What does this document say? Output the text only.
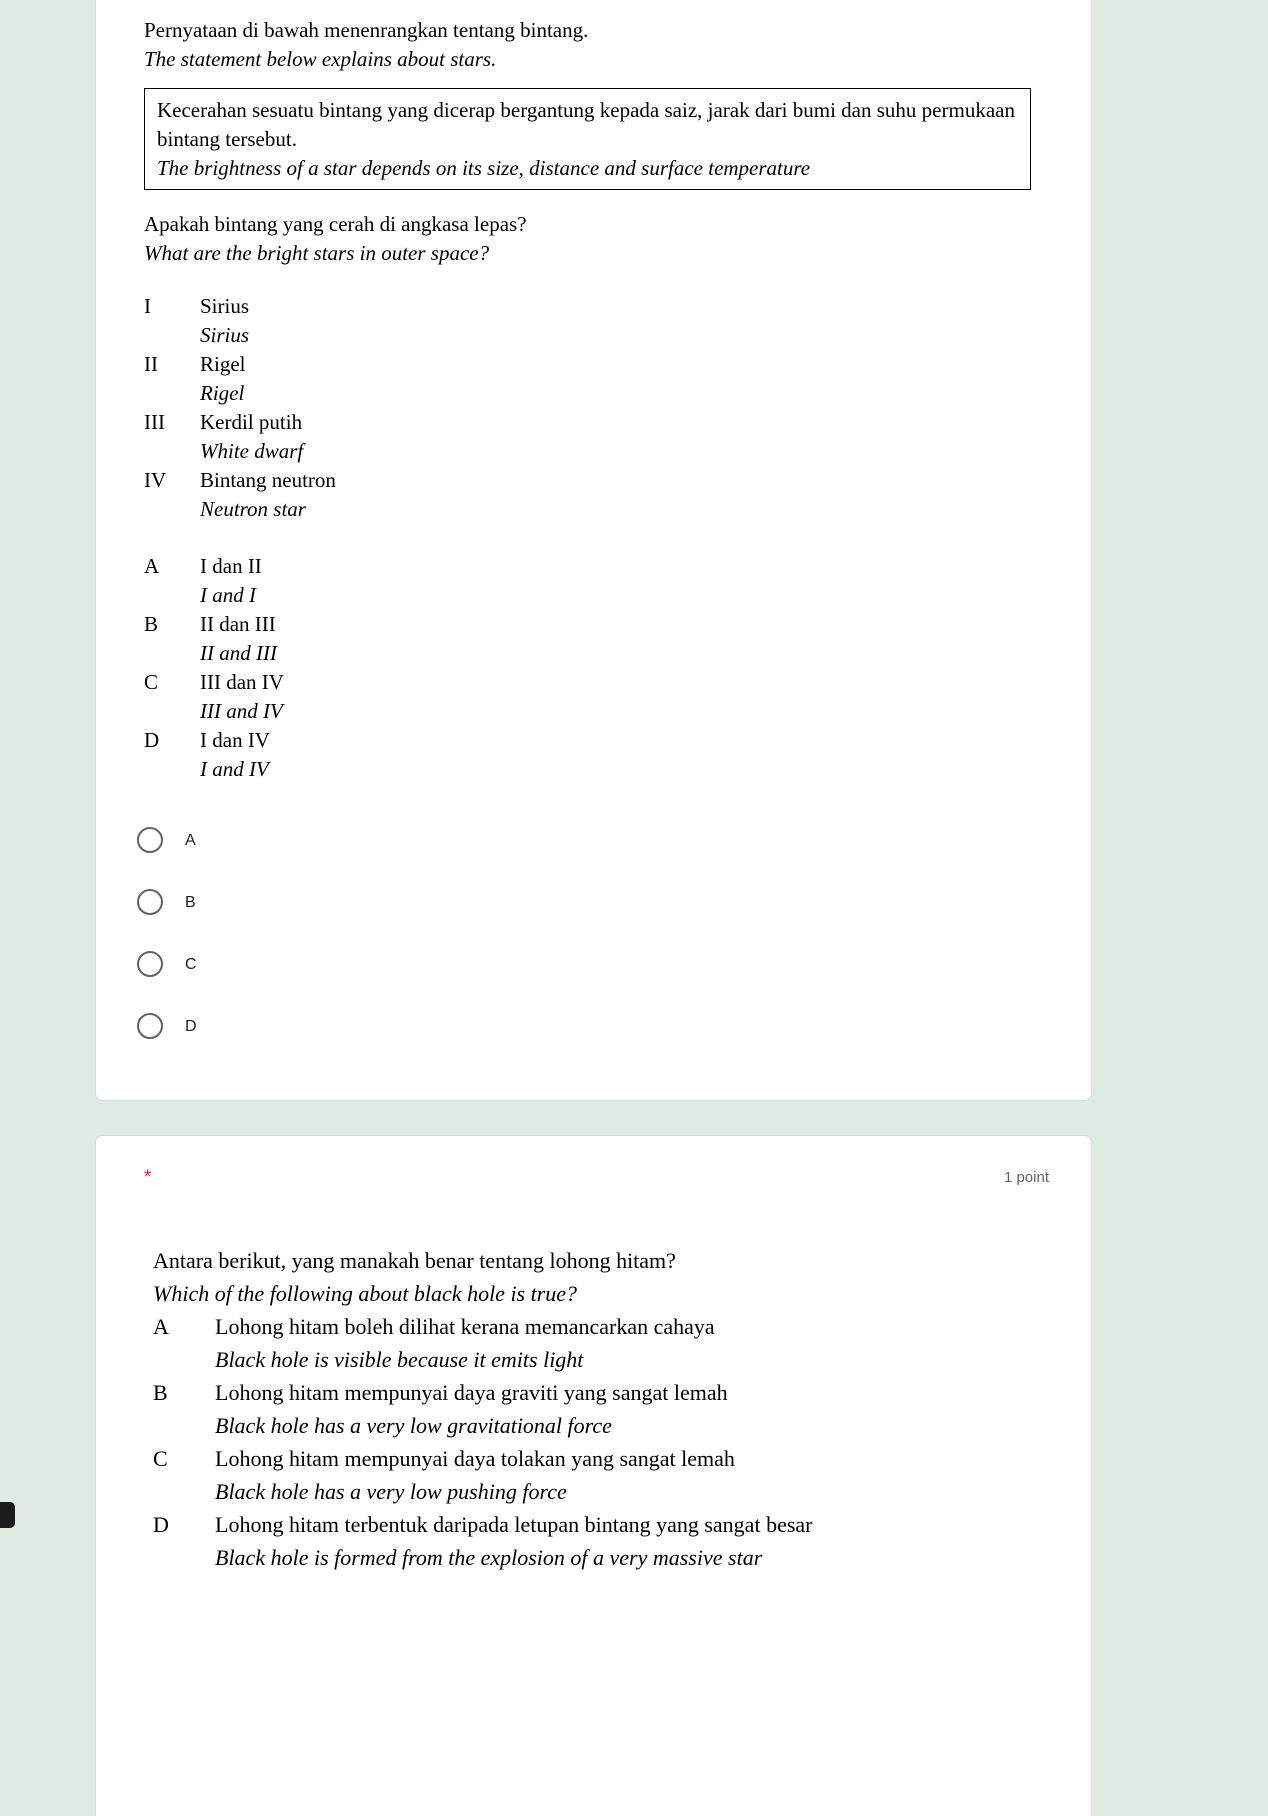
Pernyataan di bawah menenrangkan tentang bintang.
The statement below explains about stars.
Kecerahan sesuatu bintang yang dicerap bergantung kepada saiz, jarak dari bumi dan suhu permukaan bintang tersebut.
The brightness of a star depends on its size, distance and surface temperature
Apakah bintang yang cerah di angkasa lepas?
What are the bright stars in outer space?
I	Sirius
Sirius
II	Rigel
Rigel
III	Kerdil putih
White dwarf
IV	Bintang neutron
Neutron star
A	I dan II
I and I
B	II dan III
II and III
C	III dan IV
III and IV
D	I dan IV
I and IV
A
B
C
D
*	1 point
Antara berikut, yang manakah benar tentang lohong hitam?
Which of the following about black hole is true?
A	Lohong hitam boleh dilihat kerana memancarkan cahaya
Black hole is visible because it emits light
B	Lohong hitam mempunyai daya graviti yang sangat lemah
Black hole has a very low gravitational force
C	Lohong hitam mempunyai daya tolakan yang sangat lemah
Black hole has a very low pushing force
D	Lohong hitam terbentuk daripada letupan bintang yang sangat besar
Black hole is formed from the explosion of a very massive star
